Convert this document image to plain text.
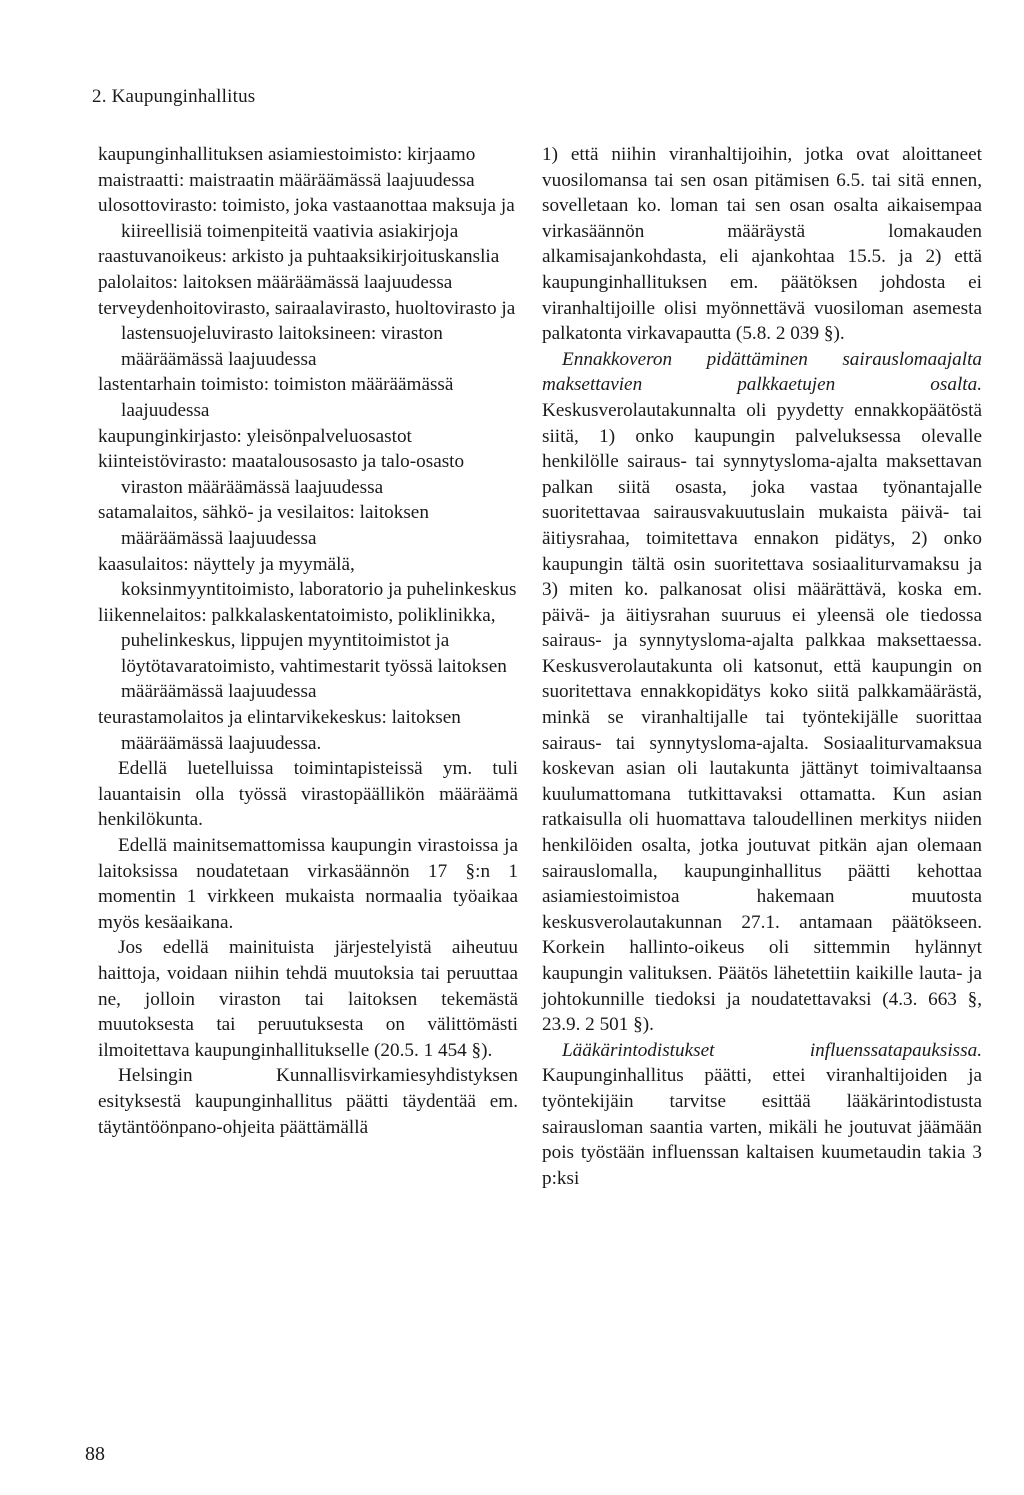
2. Kaupunginhallitus

kaupunginhallituksen asiamiestoimisto: kirjaamo

maistraatti: maistraatin määräämässä laajuudessa

ulosottovirasto: toimisto, joka vastaanottaa maksuja ja kiireellisiä toimenpiteitä vaativia asiakirjoja

raastuvanoikeus: arkisto ja puhtaaksikirjoituskanslia

palolaitos: laitoksen määräämässä laajuudessa

terveydenhoitovirasto, sairaalavirasto, huoltovirasto ja lastensuojeluvirasto laitoksineen: viraston määräämässä laajuudessa

lastentarhain toimisto: toimiston määräämässä laajuudessa

kaupunginkirjasto: yleisönpalveluosastot

kiinteistövirasto: maatalousosasto ja talo-osasto viraston määräämässä laajuudessa

satamalaitos, sähkö- ja vesilaitos: laitoksen määräämässä laajuudessa

kaasulaitos: näyttely ja myymälä, koksinmyyntitoimisto, laboratorio ja puhelinkeskus

liikennelaitos: palkkalaskentatoimisto, poliklinikka, puhelinkeskus, lippujen myyntitoimistot ja löytötavaratoimisto, vahtimestarit työssä laitoksen määräämässä laajuudessa

teurastamolaitos ja elintarvikekeskus: laitoksen määräämässä laajuudessa.

Edellä luetelluissa toimintapisteissä ym. tuli lauantaisin olla työssä virastopäällikön määräämä henkilökunta.

Edellä mainitsemattomissa kaupungin virastoissa ja laitoksissa noudatetaan virkasäännön 17 §:n 1 momentin 1 virkkeen mukaista normaalia työaikaa myös kesäaikana.

Jos edellä mainituista järjestelyistä aiheutuu haittoja, voidaan niihin tehdä muutoksia tai peruuttaa ne, jolloin viraston tai laitoksen tekemästä muutoksesta tai peruutuksesta on välittömästi ilmoitettava kaupunginhallitukselle (20.5. 1 454 §).

Helsingin Kunnallisvirkamiesyhdistyksen esityksestä kaupunginhallitus päätti täydentää em. täytäntöönpano-ohjeita päättämällä

1) että niihin viranhaltijoihin, jotka ovat aloittaneet vuosilomansa tai sen osan pitämisen 6.5. tai sitä ennen, sovelletaan ko. loman tai sen osan osalta aikaisempaa virkasäännön määräystä lomakauden alkamisajankohdasta, eli ajankohtaa 15.5. ja 2) että kaupunginhallituksen em. päätöksen johdosta ei viranhaltijoille olisi myönnettävä vuosiloman asemesta palkatonta virkavapautta (5.8. 2 039 §).

Ennakkoveron pidättäminen sairauslomaajalta maksettavien palkkaetujen osalta. Keskusverolautakunnalta oli pyydetty ennakkopäätöstä siitä, 1) onko kaupungin palveluksessa olevalle henkilölle sairaus- tai synnytysloma-ajalta maksettavan palkan siitä osasta, joka vastaa työnantajalle suoritettavaa sairausvakuutuslain mukaista päivä- tai äitiysrahaa, toimitettava ennakon pidätys, 2) onko kaupungin tältä osin suoritettava sosiaaliturvamaksu ja 3) miten ko. palkanosat olisi määrättävä, koska em. päivä- ja äitiysrahan suuruus ei yleensä ole tiedossa sairaus- ja synnytysloma-ajalta palkkaa maksettaessa. Keskusverolautakunta oli katsonut, että kaupungin on suoritettava ennakkopidätys koko siitä palkkamäärästä, minkä se viranhaltijalle tai työntekijälle suorittaa sairaus- tai synnytysloma-ajalta. Sosiaaliturvamaksua koskevan asian oli lautakunta jättänyt toimivaltaansa kuulumattomana tutkittavaksi ottamatta. Kun asian ratkaisulla oli huomattava taloudellinen merkitys niiden henkilöiden osalta, jotka joutuvat pitkän ajan olemaan sairauslomalla, kaupunginhallitus päätti kehottaa asiamiestoimistoa hakemaan muutosta keskusverolautakunnan 27.1. antamaan päätökseen. Korkein hallinto-oikeus oli sittemmin hylännyt kaupungin valituksen. Päätös lähetettiin kaikille lauta- ja johtokunnille tiedoksi ja noudatettavaksi (4.3. 663 §, 23.9. 2 501 §).

Lääkärintodistukset influenssatapauksissa. Kaupunginhallitus päätti, ettei viranhaltijoiden ja työntekijäin tarvitse esittää lääkärintodistusta sairausloman saantia varten, mikäli he joutuvat jäämään pois työstään influenssan kaltaisen kuumetaudin takia 3 p:ksi

88
